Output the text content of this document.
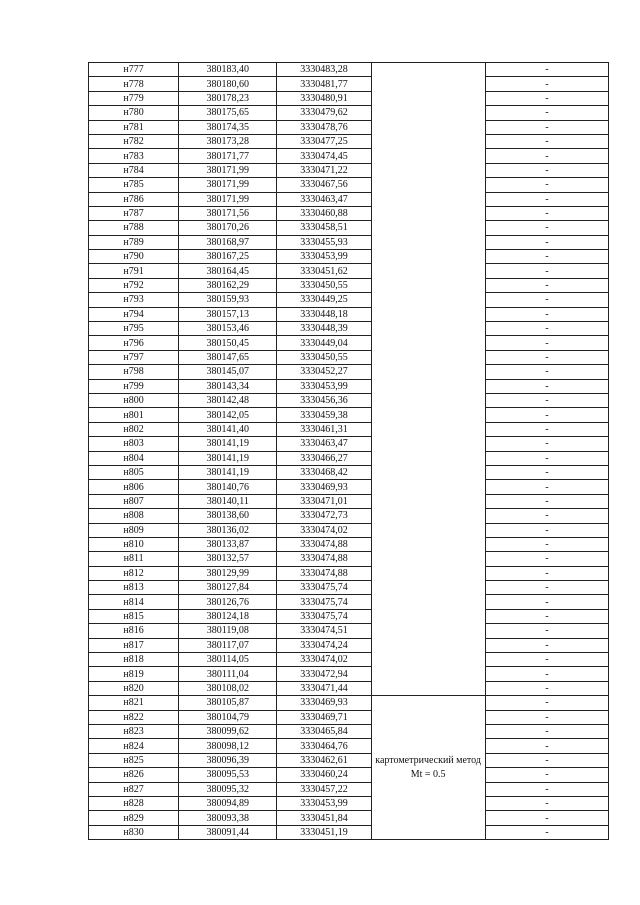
н777	380183,40	3330483,28		-
н778	380180,60	3330481,77		-
н779	380178,23	3330480,91		-
н780	380175,65	3330479,62		-
н781	380174,35	3330478,76		-
н782	380173,28	3330477,25		-
н783	380171,77	3330474,45		-
н784	380171,99	3330471,22		-
н785	380171,99	3330467,56		-
н786	380171,99	3330463,47		-
н787	380171,56	3330460,88		-
н788	380170,26	3330458,51		-
н789	380168,97	3330455,93		-
н790	380167,25	3330453,99		-
н791	380164,45	3330451,62		-
н792	380162,29	3330450,55		-
н793	380159,93	3330449,25		-
н794	380157,13	3330448,18		-
н795	380153,46	3330448,39		-
н796	380150,45	3330449,04		-
н797	380147,65	3330450,55		-
н798	380145,07	3330452,27		-
н799	380143,34	3330453,99		-
н800	380142,48	3330456,36		-
н801	380142,05	3330459,38		-
н802	380141,40	3330461,31		-
н803	380141,19	3330463,47		-
н804	380141,19	3330466,27		-
н805	380141,19	3330468,42		-
н806	380140,76	3330469,93		-
н807	380140,11	3330471,01		-
н808	380138,60	3330472,73		-
н809	380136,02	3330474,02		-
н810	380133,87	3330474,88		-
н811	380132,57	3330474,88		-
н812	380129,99	3330474,88		-
н813	380127,84	3330475,74		-
н814	380126,76	3330475,74		-
н815	380124,18	3330475,74		-
н816	380119,08	3330474,51		-
н817	380117,07	3330474,24		-
н818	380114,05	3330474,02		-
н819	380111,04	3330472,94		-
н820	380108,02	3330471,44		-
н821	380105,87	3330469,93	картометрический метод Mt = 0.5	-
н822	380104,79	3330469,71		-
н823	380099,62	3330465,84		-
н824	380098,12	3330464,76		-
н825	380096,39	3330462,61		-
н826	380095,53	3330460,24		-
н827	380095,32	3330457,22		-
н828	380094,89	3330453,99		-
н829	380093,38	3330451,84		-
н830	380091,44	3330451,19		-
